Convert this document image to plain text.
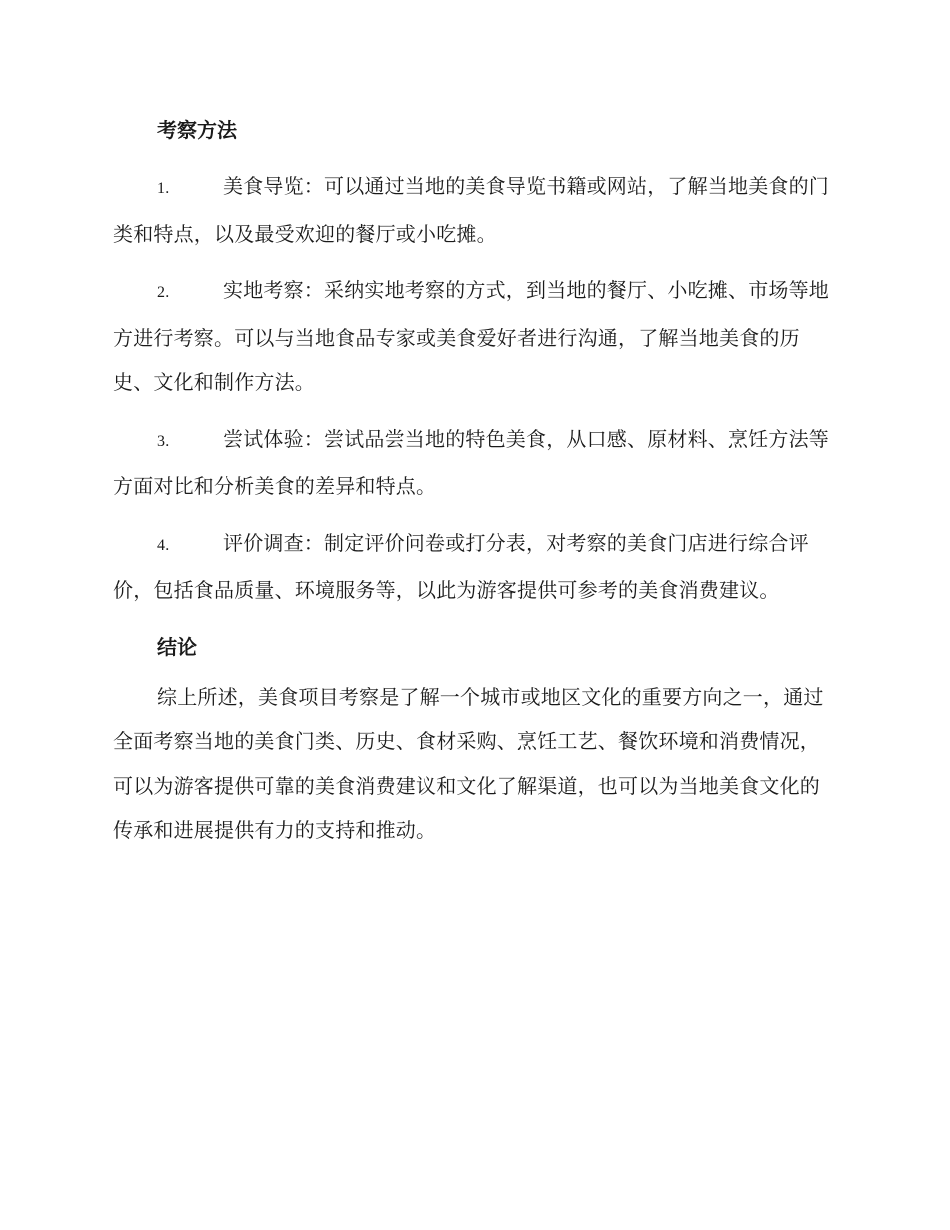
考察方法

1.	美食导览：可以通过当地的美食导览书籍或网站，了解当地美食的门类和特点，以及最受欢迎的餐厅或小吃摊。

2.	实地考察：采纳实地考察的方式，到当地的餐厅、小吃摊、市场等地方进行考察。可以与当地食品专家或美食爱好者进行沟通，了解当地美食的历史、文化和制作方法。

3.	尝试体验：尝试品尝当地的特色美食，从口感、原材料、烹饪方法等方面对比和分析美食的差异和特点。

4.	评价调查：制定评价问卷或打分表，对考察的美食门店进行综合评价，包括食品质量、环境服务等，以此为游客提供可参考的美食消费建议。

结论

综上所述，美食项目考察是了解一个城市或地区文化的重要方向之一，通过全面考察当地的美食门类、历史、食材采购、烹饪工艺、餐饮环境和消费情况，可以为游客提供可靠的美食消费建议和文化了解渠道，也可以为当地美食文化的传承和进展提供有力的支持和推动。
